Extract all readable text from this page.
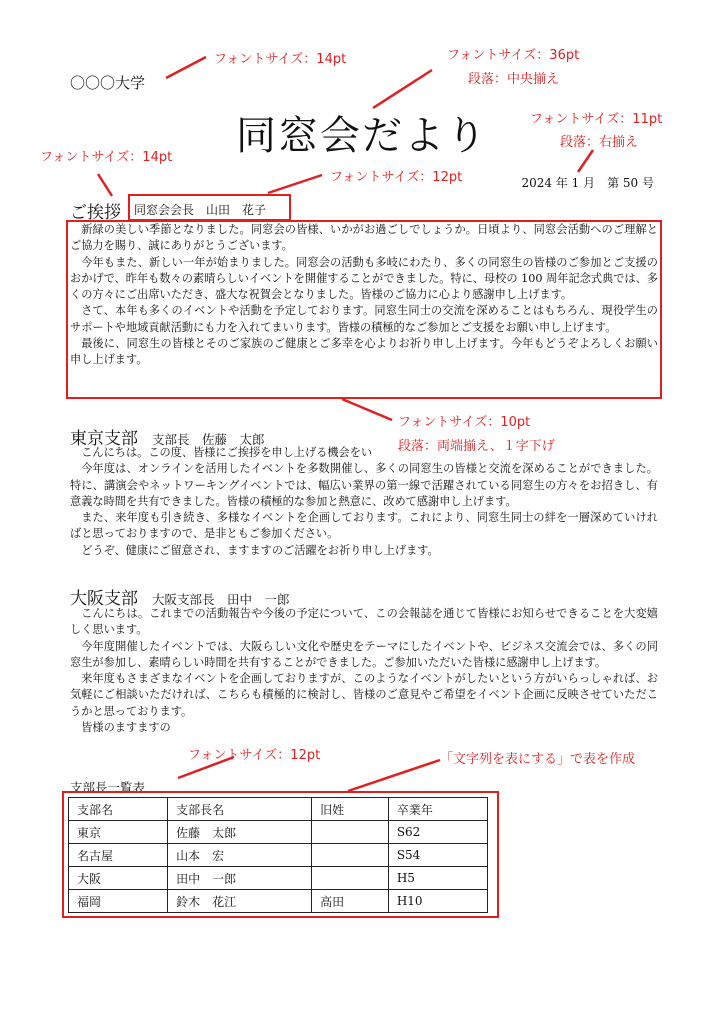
〇〇〇大学
同窓会だより
2024 年 1 月　第 50 号
ご挨拶 同窓会会長　山田　花子

新緑の美しい季節となりました。同窓会の皆様、いかがお過ごしでしょうか。日頃より、同窓会活動へのご理解とご協力を賜り、誠にありがとうございます。

今年もまた、新しい一年が始まりました。同窓会の活動も多岐にわたり、多くの同窓生の皆様のご参加とご支援のおかげで、昨年も数々の素晴らしいイベントを開催することができました。特に、母校の 100 周年記念式典では、多くの方々にご出席いただき、盛大な祝賀会となりました。皆様のご協力に心より感謝申し上げます。

さて、本年も多くのイベントや活動を予定しております。同窓生同士の交流を深めることはもちろん、現役学生のサポートや地域貢献活動にも力を入れてまいります。皆様の積極的なご参加とご支援をお願い申し上げます。

最後に、同窓生の皆様とそのご家族のご健康とご多幸を心よりお祈り申し上げます。今年もどうぞよろしくお願い申し上げます。

東京支部 支部長　佐藤　太郎

こんにちは。この度、皆様にご挨拶を申し上げる機会をい

今年度は、オンラインを活用したイベントを多数開催し、多くの同窓生の皆様と交流を深めることができました。特に、講演会やネットワーキングイベントでは、幅広い業界の第一線で活躍されている同窓生の方々をお招きし、有意義な時間を共有できました。皆様の積極的な参加と熱意に、改めて感謝申し上げます。

また、来年度も引き続き、多様なイベントを企画しております。これにより、同窓生同士の絆を一層深めていければと思っておりますので、是非ともご参加ください。

どうぞ、健康にご留意され、ますますのご活躍をお祈り申し上げます。

大阪支部 大阪支部長　田中　一郎

こんにちは。これまでの活動報告や今後の予定について、この会報誌を通じて皆様にお知らせできることを大変嬉しく思います。

今年度開催したイベントでは、大阪らしい文化や歴史をテーマにしたイベントや、ビジネス交流会では、多くの同窓生が参加し、素晴らしい時間を共有することができました。ご参加いただいた皆様に感謝申し上げます。

来年度もさまざまなイベントを企画しておりますが、このようなイベントがしたいという方がいらっしゃれば、お気軽にご相談いただければ、こちらも積極的に検討し、皆様のご意見やご希望をイベント企画に反映させていただこうかと思っております。

皆様のますますの

支部長一覧表
支部名	支部長名	旧姓	卒業年
東京	佐藤　太郎		S62
名古屋	山本　宏		S54
大阪	田中　一郎		H5
福岡	鈴木　花江	高田	H10
フォントサイズ：14pt	フォントサイズ：36pt
段落：中央揃え
フォントサイズ：11pt
段落：右揃え
フォントサイズ：14pt
フォントサイズ：12pt
フォントサイズ：10pt
段落：両端揃え、１字下げ
フォントサイズ：12pt	「文字列を表にする」で表を作成
